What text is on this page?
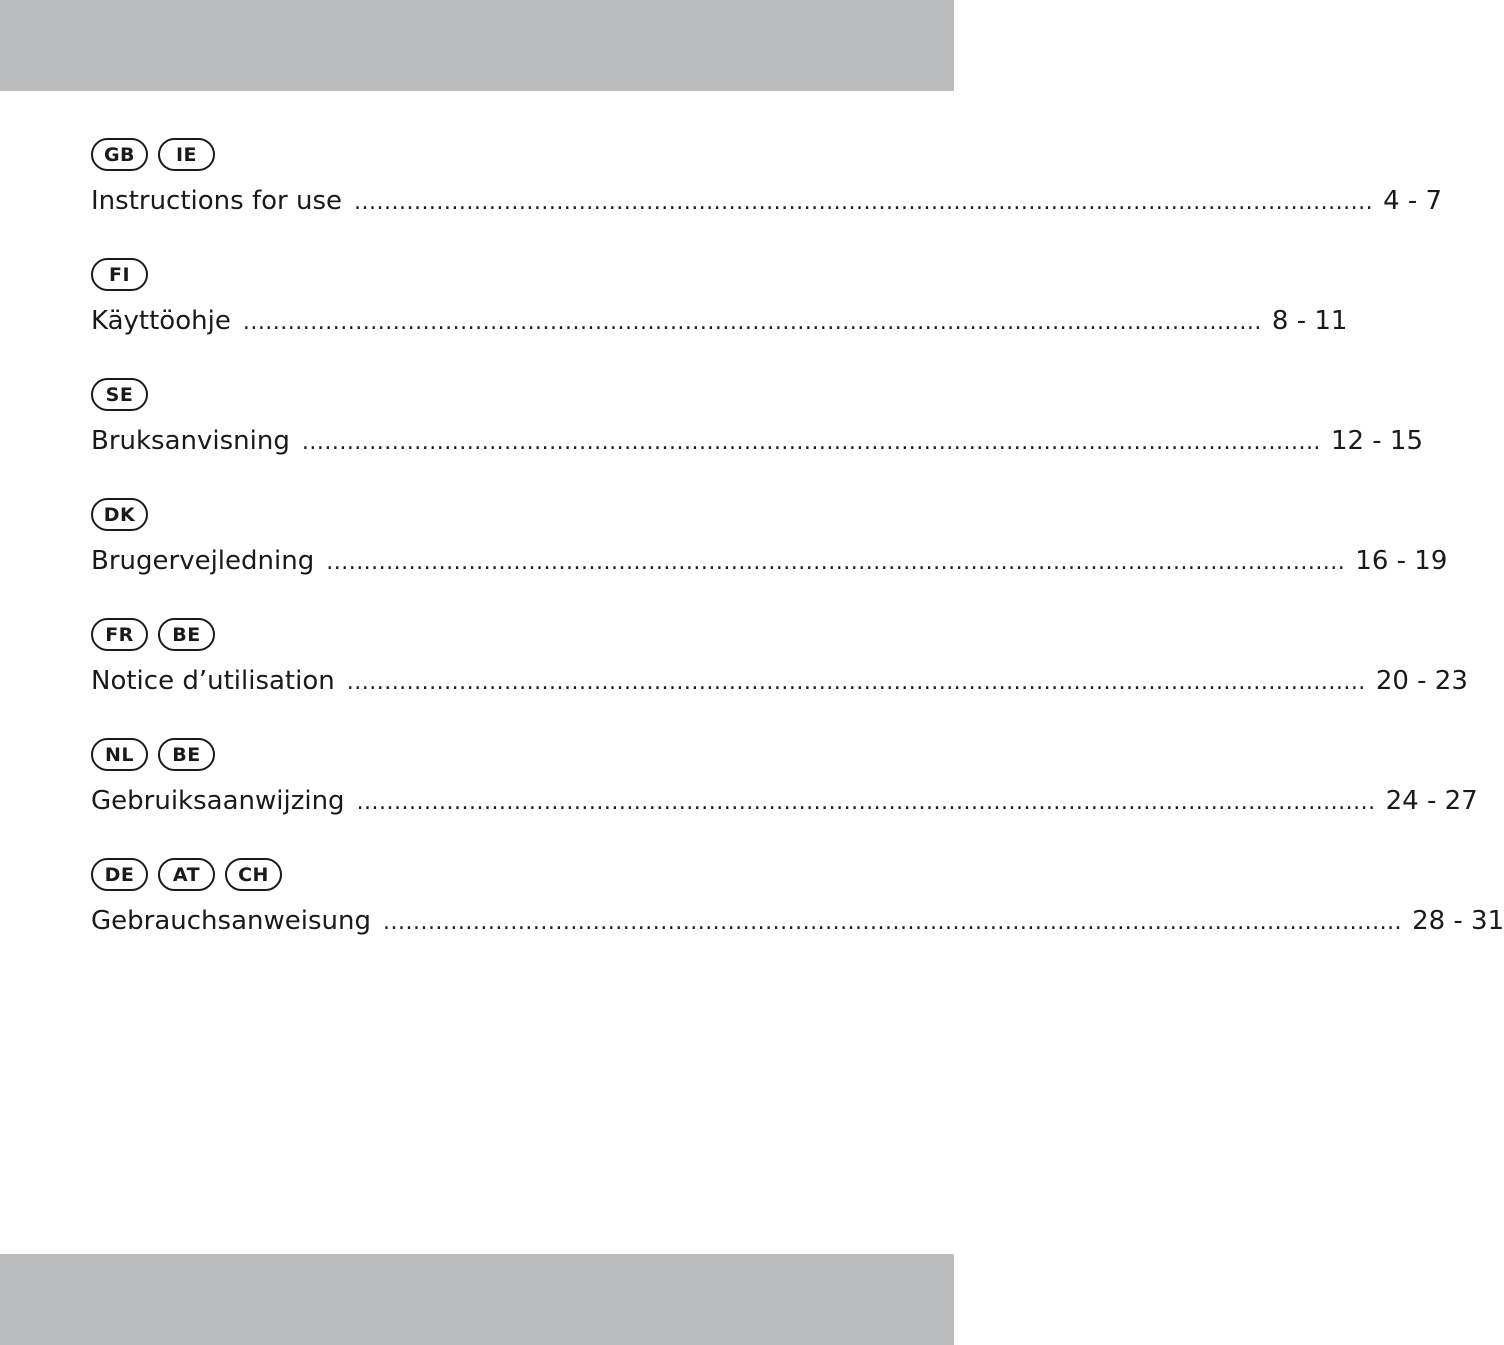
GB	IE
Instructions for use ........................................................................................................................................ 4 - 7
FI
Käyttöohje ........................................................................................................................................ 8 - 11
SE
Bruksanvisning ........................................................................................................................................ 12 - 15
DK
Brugervejledning ........................................................................................................................................ 16 - 19
FR	BE
Notice d’utilisation ........................................................................................................................................ 20 - 23
NL	BE
Gebruiksaanwijzing ........................................................................................................................................ 24 - 27
DE	AT	CH
Gebrauchsanweisung ........................................................................................................................................ 28 - 31
